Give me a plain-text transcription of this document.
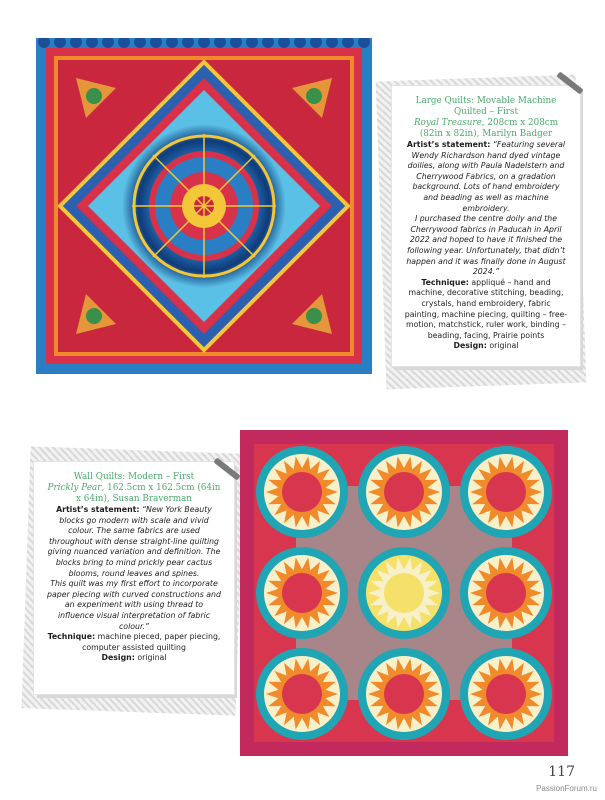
Large Quilts: Movable Machine Quilted – First

Royal Treasure, 208cm x 208cm (82in x 82in), Marilyn Badger

Artist’s statement: “Featuring several Wendy Richardson hand dyed vintage doilies, along with Paula Nadelstern and Cherrywood Fabrics, on a gradation background. Lots of hand embroidery and beading as well as machine embroidery.
I purchased the centre doily and the Cherrywood fabrics in Paducah in April 2022 and hoped to have it finished the following year. Unfortunately, that didn’t happen and it was finally done in August 2024.”

Technique: appliqué – hand and machine, decorative stitching, beading, crystals, hand embroidery, fabric painting, machine piecing, quilting – free-motion, matchstick, ruler work, binding – beading, facing, Prairie points

Design: original

Wall Quilts: Modern – First

Prickly Pear, 162.5cm x 162.5cm (64in x 64in), Susan Braverman

Artist’s statement: “New York Beauty blocks go modern with scale and vivid colour. The same fabrics are used throughout with dense straight-line quilting giving nuanced variation and definition. The blocks bring to mind prickly pear cactus blooms, round leaves and spines.
This quilt was my first effort to incorporate paper piecing with curved constructions and an experiment with using thread to influence visual interpretation of fabric colour.”

Technique: machine pieced, paper piecing, computer assisted quilting

Design: original

117
PassionForum.ru
